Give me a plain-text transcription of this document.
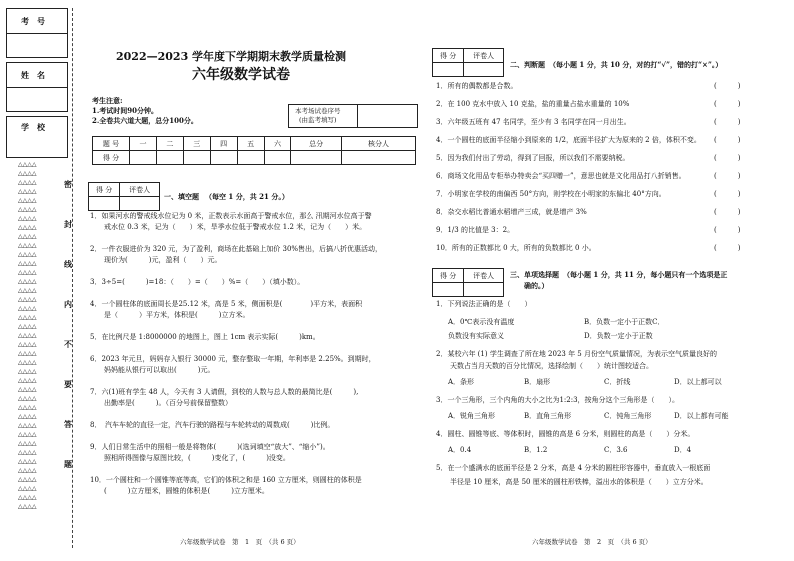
考　号
姓　名
学　校
△△△△
△△△△
△△△△
△△△△
△△△△
△△△△
△△△△
△△△△
△△△△
△△△△
△△△△
△△△△
△△△△
△△△△
△△△△
△△△△
△△△△
△△△△
△△△△
△△△△
△△△△
△△△△
△△△△
△△△△
△△△△
△△△△
△△△△
△△△△
△△△△
△△△△
△△△△
△△△△
△△△△
△△△△
△△△△
△△△△
△△△△
△△△△
△△△△
密
封
线
内
不
要
答
题
2022—2023 学年度下学期期末教学质量检测
六年级数学试卷
考生注意:
1.考试时间90分钟。
2.全卷共六道大题，总分100分。
本考场试卷序号
(由监考填写)
题 号	一	二	三	四	五	六	总分	核分人
得 分								
得 分	评卷人

一、填空题 （每空 1 分，共 21 分。）
1．如果河水的警戒线水位记为 0 米，正数表示水面高于警戒水位，那么 汛期河水位高于警
戒水位 0.3 米，记为（　　）米，旱季水位低于警戒水位 1.2 米，记为（　　）米。
2．一件衣服进价为 320 元，为了盈利，商场在此基础上加价 30%售出，后搞八折优惠活动，
现价为(　　　)元，盈利（　　）元。
3．3÷5=(　　　)=18：（　　）=（　　）%=（　　）（填小数）。
4．一个圆柱体的底面周长是25.12 米，高是 5 米，侧面积是(　　　　)平方米，表面积
是（　　　）平方米，体积是(　　　)立方米。
5．在比例尺是 1:8000000 的地图上，图上 1cm 表示实际(　　　)km。
6．2023 年元旦，妈妈存入银行 30000 元，整存整取一年期，年利率是 2.25%。到期时，
妈妈能从银行可以取出(　　　)元。
7．六(1)班有学生 48 人，今天有 3 人请假，到校的人数与总人数的最简比是(　　　),
出勤率是(　　　)。（百分号前保留整数）
8．　汽车车轮的直径一定，汽车行驶的路程与车轮转动的周数成(　　　)比例。
9．人们日常生活中的照相一般是将物体(　　　)(选词填空“放大”、“缩小”)。
照相所得图像与原图比较，(　　　)变化了，(　　　)没变。
10．一个圆柱和一个圆锥等底等高，它们的体积之和是 160 立方厘米，则圆柱的体积是
(　　　)立方厘米，圆锥的体积是(　　　)立方厘米。
六年级数学试卷　第　1　页　（共 6 页）
得 分	评卷人

二、判断题 （每小题 1 分，共 10 分，对的打“√”，错的打“×”。）
1．所有的偶数都是合数。	(　　　)
2．在 100 克水中放入 10 克盐，盐的重量占盐水重量的 10%	(　　　)
3．六年级五班有 47 名同学，至少有 3 名同学在同一月出生。	(　　　)
4．一个圆柱的底面半径缩小到原来的 1/2，底面半径扩大为原来的 2 倍，体积不变。 (　　　)
5．因为我们付出了劳动，得到了回报，所以我们不需要纳税。	(　　　)
6．商场文化用品专柜举办特卖会“买四赠一”，意思也就是文化用品打八折销售。	(　　　)
7．小明家在学校的南偏西 50°方向，则学校在小明家的东偏北 40°方向。	(　　　)
8．杂交水稻比普通水稻增产三成，就是增产 3%	(　　　)
9．1/3 的比值是 3：2。	(　　　)
10．所有的正数都比 0 大，所有的负数都比 0 小。	(　　　)
得 分	评卷人
	三、单项选择题 （每小题 1 分，共 11 分，每小题只有一个选项是正
确的。）
1．下列说法正确的是（　　）
A．0℃表示没有温度	B．负数一定小于正数C．
负数没有实际意义	D．负数一定小于正数
2．某校六年 (1) 学生调查了所在地 2023 年 5 月份空气质量情况，为表示空气质量良好的
天数占当月天数的百分比情况，选择绘制（　　）统计图较适合。
A．条形	B．扇形	C．折线	D．以上都可以
3．一个三角形，三个内角的大小之比为1:2:3，按角分这个三角形是（　　）。
A．锐角三角形	B．直角三角形	C．钝角三角形	D．以上都有可能
4．圆柱、圆锥等底、等体积时，圆锥的高是 6 分米，则圆柱的高是（　　）分米。
A．0.4	B．1.2	C．3.6	D．4
5．在一个盛满水的底面半径是 2 分米，高是 4 分米的圆柱形容器中，垂直放入一根底面
半径是 10 厘米，高是 50 厘米的圆柱形铁棒，溢出水的体积是（　　）立方分米。
六年级数学试卷　第　2　页　（共 6 页）
